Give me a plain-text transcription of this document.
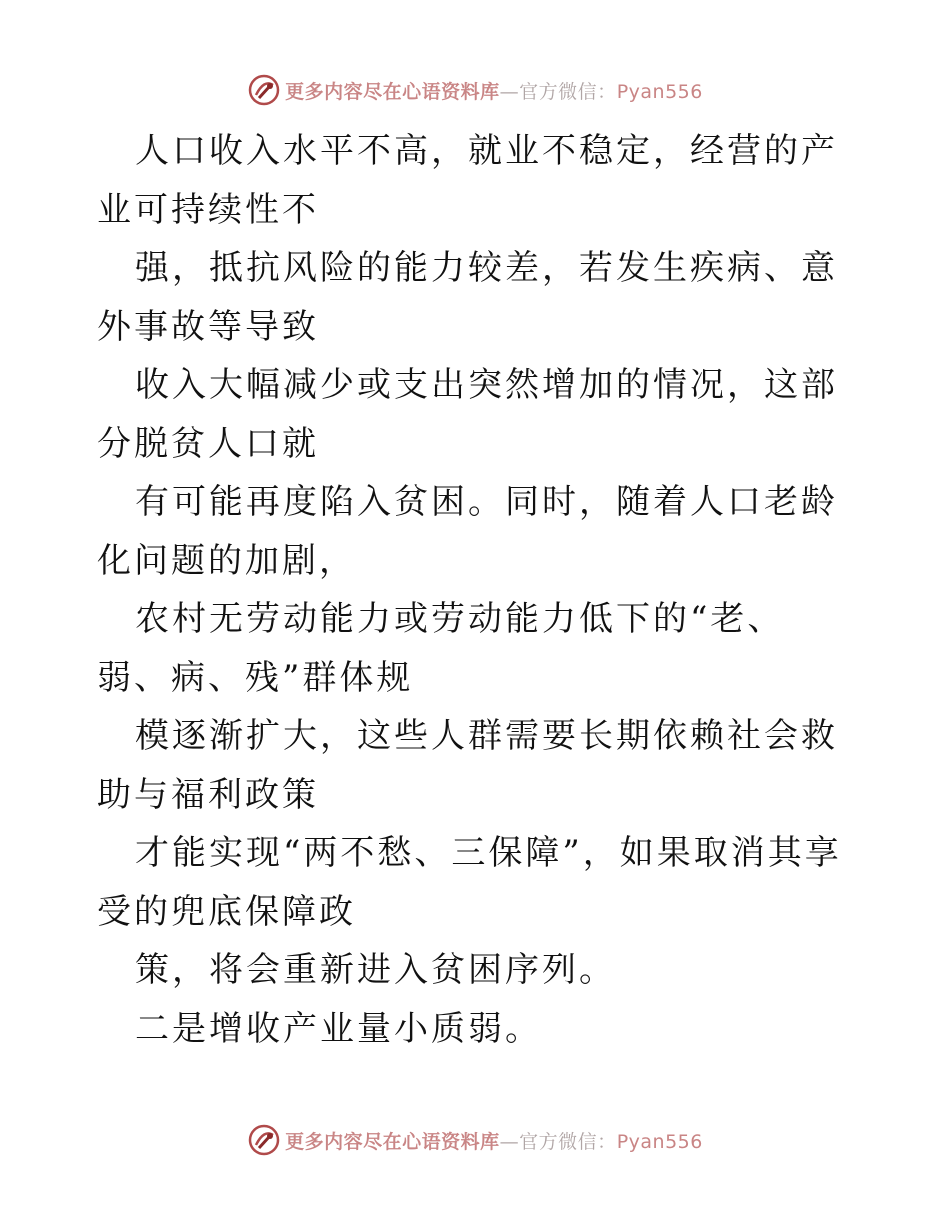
更多内容尽在心语资料库—官方微信：Pyan556

人口收入水平不高，就业不稳定，经营的产业可持续性不

强，抵抗风险的能力较差，若发生疾病、意外事故等导致

收入大幅减少或支出突然增加的情况，这部分脱贫人口就

有可能再度陷入贫困。同时，随着人口老龄化问题的加剧，

农村无劳动能力或劳动能力低下的“老、弱、病、残”群体规

模逐渐扩大，这些人群需要长期依赖社会救助与福利政策

才能实现“两不愁、三保障”，如果取消其享受的兜底保障政

策，将会重新进入贫困序列。

二是增收产业量小质弱。

更多内容尽在心语资料库—官方微信：Pyan556
